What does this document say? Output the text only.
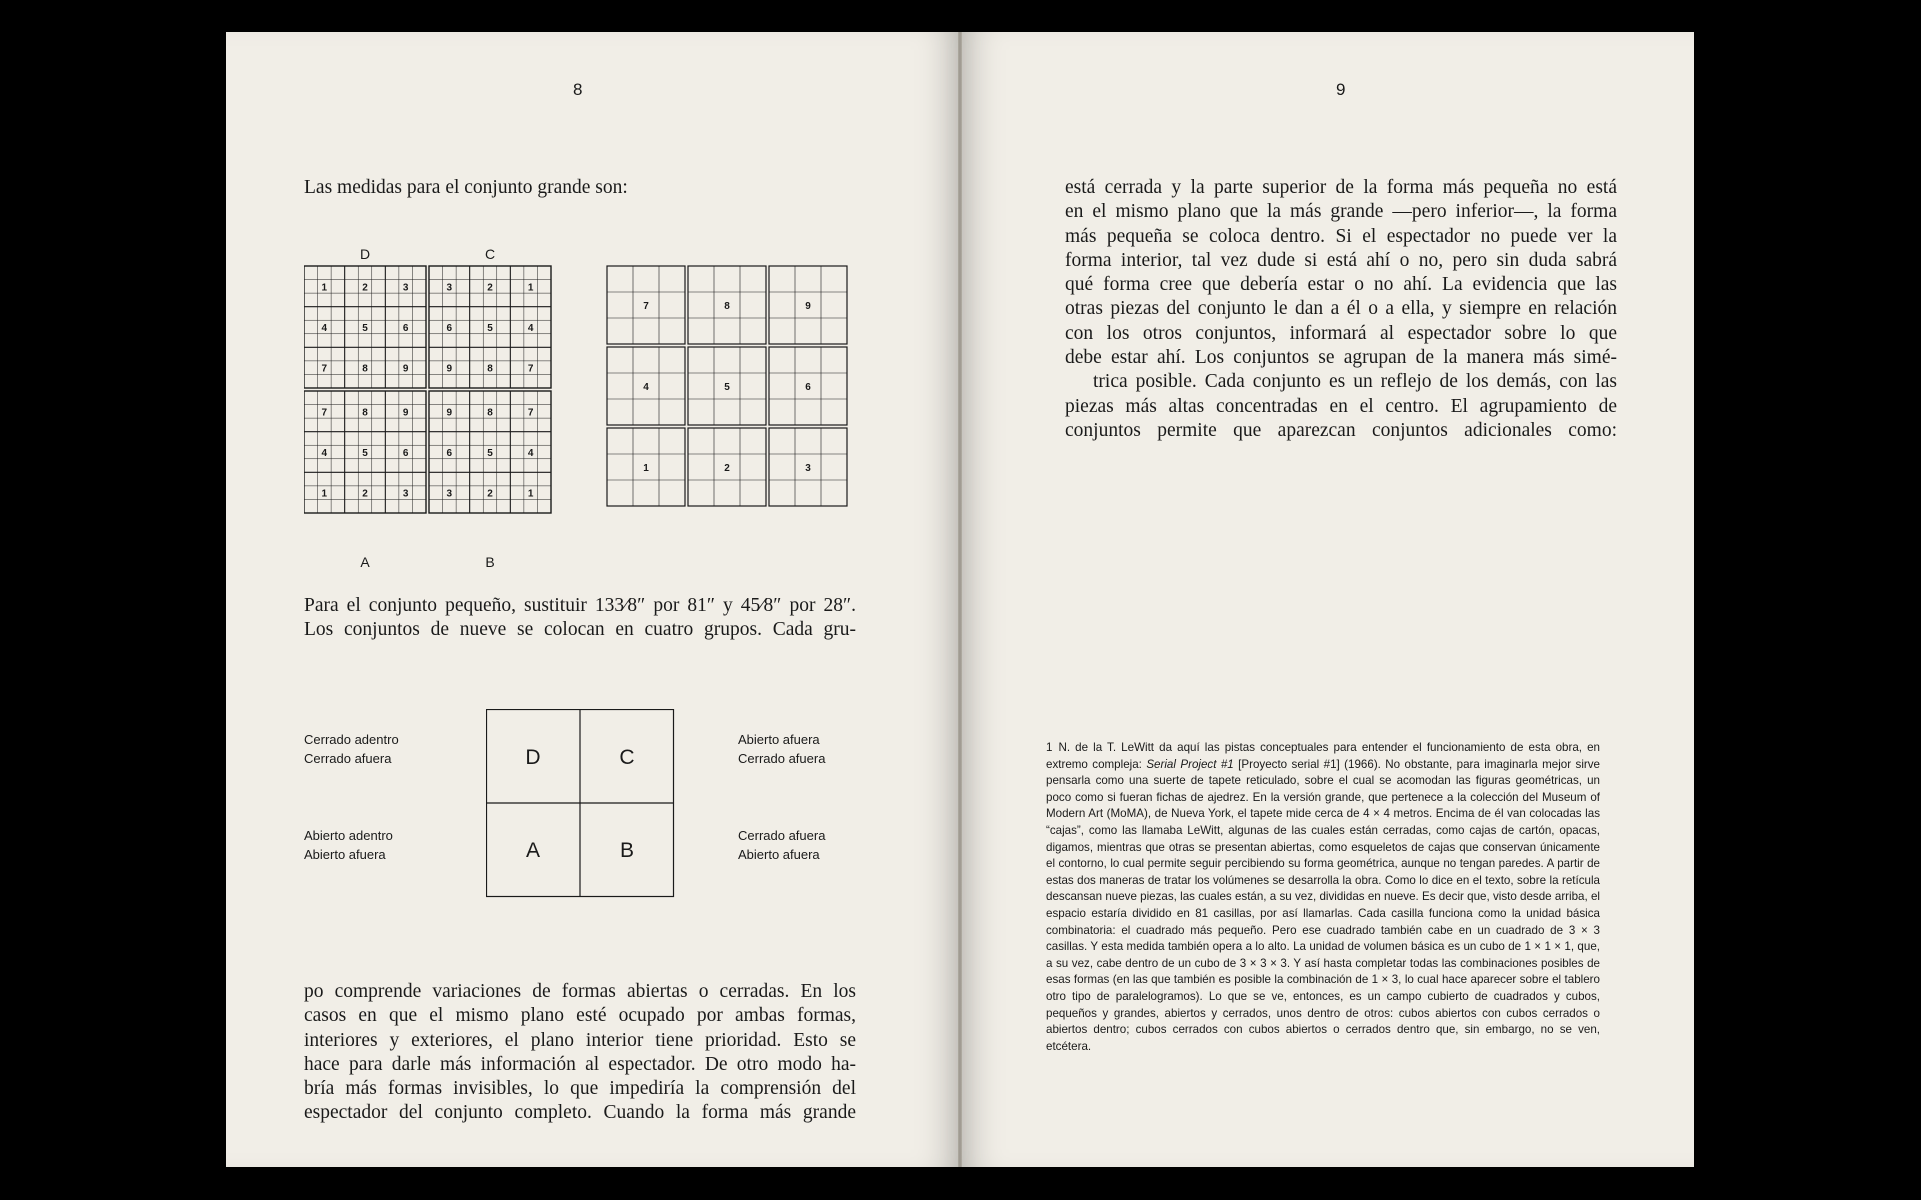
8

Las medidas para el conjunto grande son:

1	2	3
4	5	6
7	8	9
3	2	1
6	5	4
9	8	7
7	8	9
4	5	6
1	2	3
9	8	7
6	5	4
3	2	1
7	8	9
4	5	6
1	2	3
D	C
A	B

Para el conjunto pequeño, sustituir 133⁄8″ por 81″ y 45⁄8″ por 28″.

Los conjuntos de nueve se colocan en cuatro grupos. Cada gru-

Cerrado adentro
Cerrado afuera
Abierto adentro
Abierto afuera
Abierto afuera
Cerrado afuera
Cerrado afuera
Abierto afuera
D	C
A	B

po comprende variaciones de formas abiertas o cerradas. En los

casos en que el mismo plano esté ocupado por ambas formas,

interiores y exteriores, el plano interior tiene prioridad. Esto se

hace para darle más información al espectador. De otro modo ha-

bría más formas invisibles, lo que impediría la comprensión del

espectador del conjunto completo. Cuando la forma más grande

9

está cerrada y la parte superior de la forma más pequeña no está

en el mismo plano que la más grande —pero inferior—, la forma

más pequeña se coloca dentro. Si el espectador no puede ver la

forma interior, tal vez dude si está ahí o no, pero sin duda sabrá

qué forma cree que debería estar o no ahí. La evidencia que las

otras piezas del conjunto le dan a él o a ella, y siempre en relación

con los otros conjuntos, informará al espectador sobre lo que

debe estar ahí. Los conjuntos se agrupan de la manera más simé-

trica posible. Cada conjunto es un reflejo de los demás, con las

piezas más altas concentradas en el centro. El agrupamiento de

conjuntos permite que aparezcan conjuntos adicionales como:

1 N. de la T. LeWitt da aquí las pistas conceptuales para entender el funcionamiento de esta obra, en extremo compleja: Serial Project #1 [Proyecto serial #1] (1966). No obstante, para imaginarla mejor sirve pensarla como una suerte de tapete reticulado, sobre el cual se acomodan las figuras geométricas, un poco como si fueran fichas de ajedrez. En la versión grande, que pertenece a la colección del Museum of Modern Art (MoMA), de Nueva York, el tapete mide cerca de 4 × 4 metros. Encima de él van colocadas las “cajas”, como las llamaba LeWitt, algunas de las cuales están cerradas, como cajas de cartón, opacas, digamos, mientras que otras se presentan abiertas, como esqueletos de cajas que conservan únicamente el contorno, lo cual permite seguir percibiendo su forma geométrica, aunque no tengan paredes. A partir de estas dos maneras de tratar los volúmenes se desarrolla la obra. Como lo dice en el texto, sobre la retícula descansan nueve piezas, las cuales están, a su vez, divididas en nueve. Es decir que, visto desde arriba, el espacio estaría dividido en 81 casillas, por así llamarlas. Cada casilla funciona como la unidad básica combinatoria: el cuadrado más pequeño. Pero ese cuadrado también cabe en un cuadrado de 3 × 3 casillas. Y esta medida también opera a lo alto. La unidad de volumen básica es un cubo de 1 × 1 × 1, que, a su vez, cabe dentro de un cubo de 3 × 3 × 3. Y así hasta completar todas las combinaciones posibles de esas formas (en las que también es posible la combinación de 1 × 3, lo cual hace aparecer sobre el tablero otro tipo de paralelogramos). Lo que se ve, entonces, es un campo cubierto de cuadrados y cubos, pequeños y grandes, abiertos y cerrados, unos dentro de otros: cubos abiertos con cubos cerrados o abiertos dentro; cubos cerrados con cubos abiertos o cerrados dentro que, sin embargo, no se ven, etcétera.
